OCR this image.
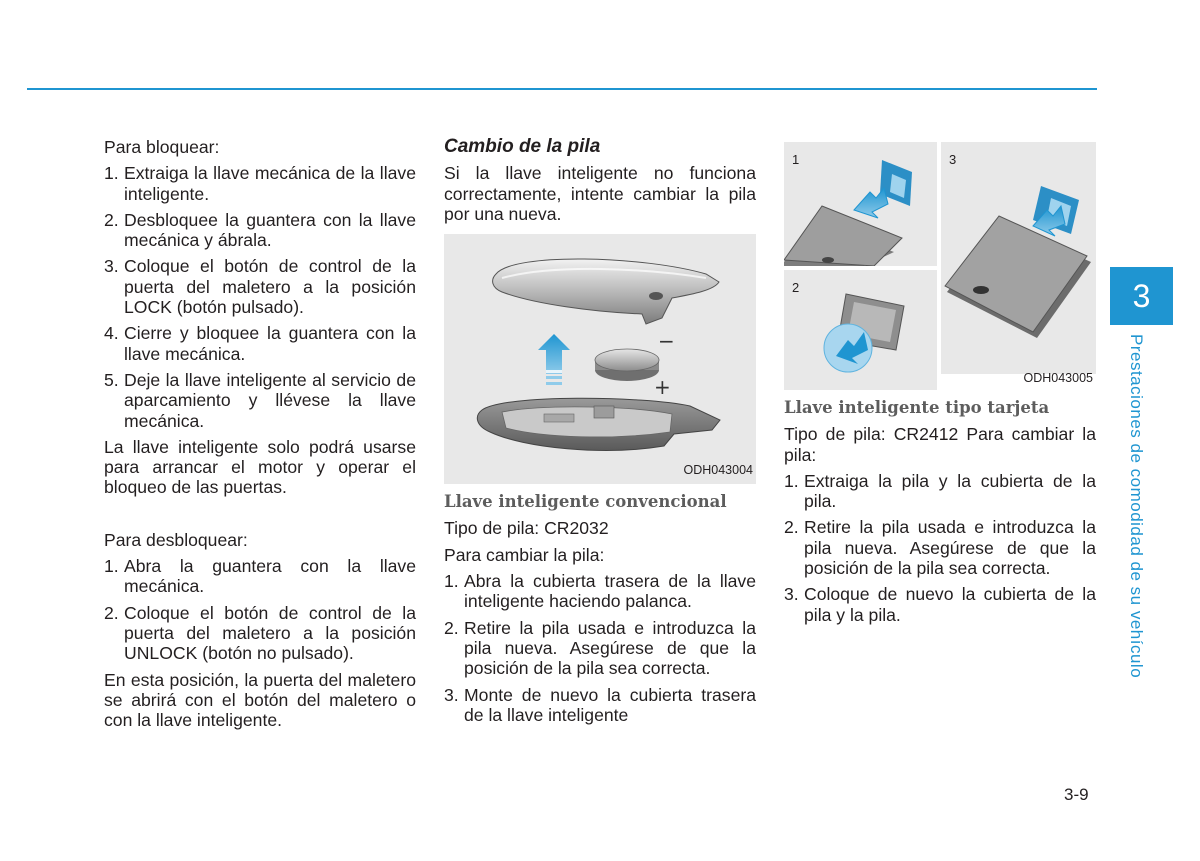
Para bloquear:

1. Extraiga la llave mecánica de la llave inteligente.
2. Desbloquee la guantera con la llave mecánica y ábrala.
3. Coloque el botón de control de la puerta del maletero a la posición LOCK (botón pulsado).
4. Cierre y bloquee la guantera con la llave mecánica.
5. Deje la llave inteligente al servicio de aparcamiento y llévese la llave mecánica.

La llave inteligente solo podrá usarse para arrancar el motor y operar el bloqueo de las puertas.

Para desbloquear:

1. Abra la guantera con la llave mecánica.
2. Coloque el botón de control de la puerta del maletero a la posición UNLOCK (botón no pulsado).

En esta posición, la puerta del maletero se abrirá con el botón del maletero o con la llave inteligente.

Cambio de la pila

Si la llave inteligente no funciona correctamente, intente cambiar la pila por una nueva.

−
+
ODH043004
Llave inteligente convencional

Tipo de pila: CR2032

Para cambiar la pila:

1. Abra la cubierta trasera de la llave inteligente haciendo palanca.
2. Retire la pila usada e introduzca la pila nueva. Asegúrese de que la posición de la pila sea correcta.
3. Monte de nuevo la cubierta trasera de la llave inteligente
1
2
3
ODH043005
Llave inteligente tipo tarjeta

Tipo de pila: CR2412 Para cambiar la pila:

1. Extraiga la pila y la cubierta de la pila.
2. Retire la pila usada e introduzca la pila nueva. Asegúrese de que la posición de la pila sea correcta.
3. Coloque de nuevo la cubierta de la pila y la pila.
3
Prestaciones de comodidad de su vehículo
3-9
